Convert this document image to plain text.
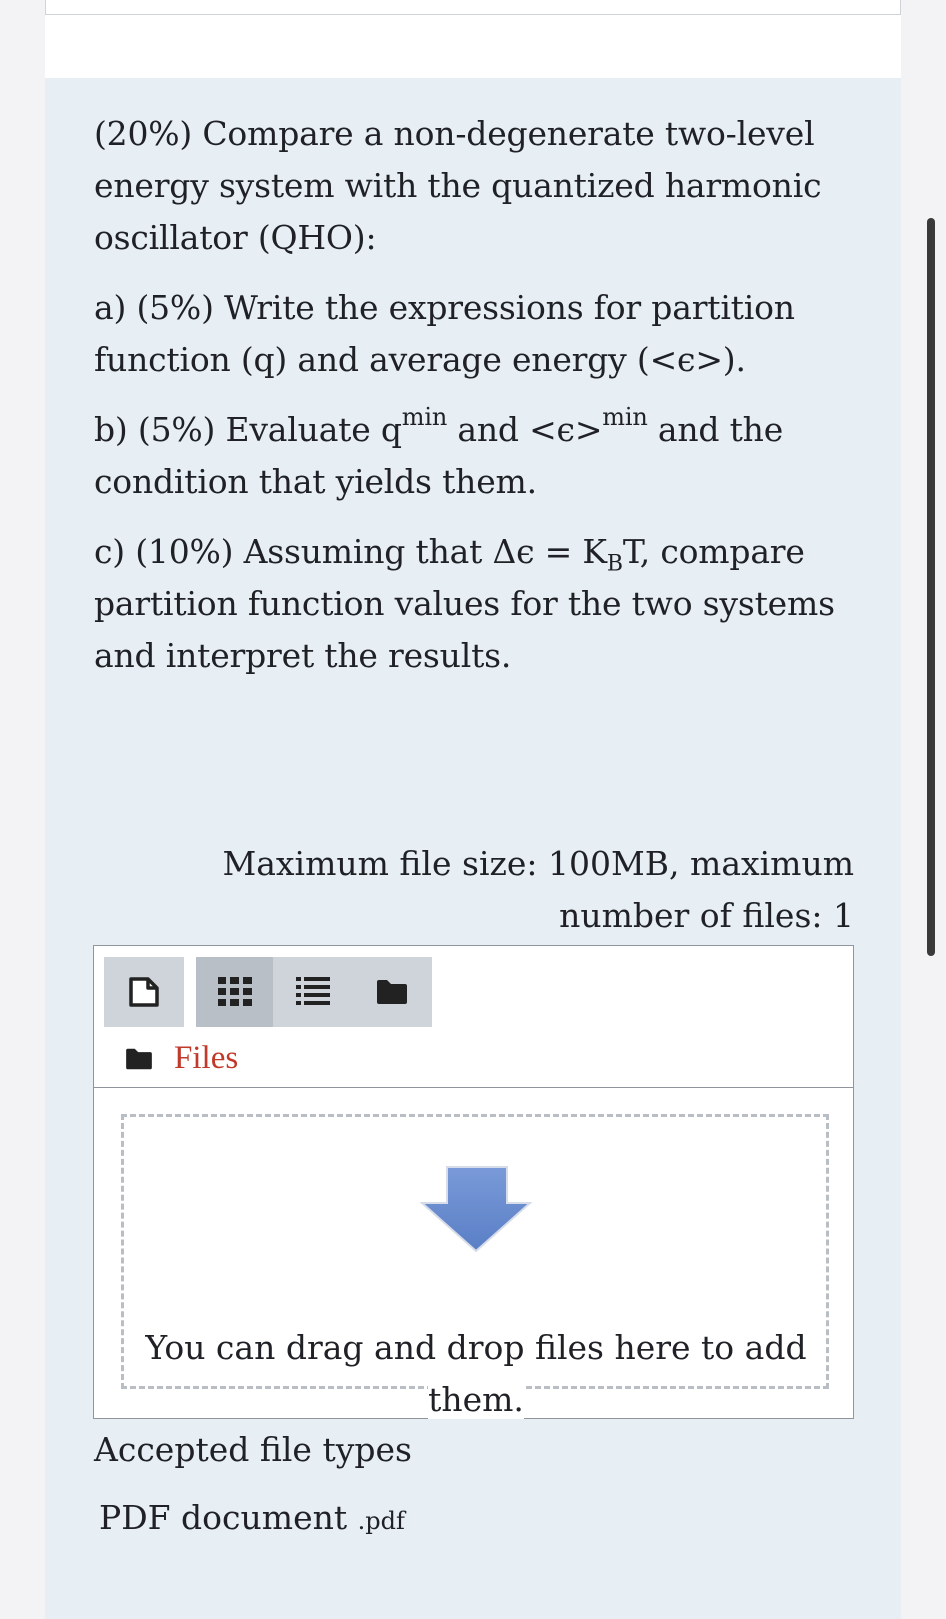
(20%) Compare a non-degenerate two-level energy system with the quantized harmonic oscillator (QHO):

a) (5%) Write the expressions for partition function (q) and average energy (<ϵ>).

b) (5%) Evaluate $q^{min}$ and <ϵ>$^{min}$ and the condition that yields them.

c) (10%) Assuming that $\Delta\epsilon = K_BT$, compare partition function values for the two systems and interpret the results.

Maximum file size: 100MB, maximum
number of files: 1
Files
You can drag and drop files here to add them.
Accepted file types
PDF document .pdf
